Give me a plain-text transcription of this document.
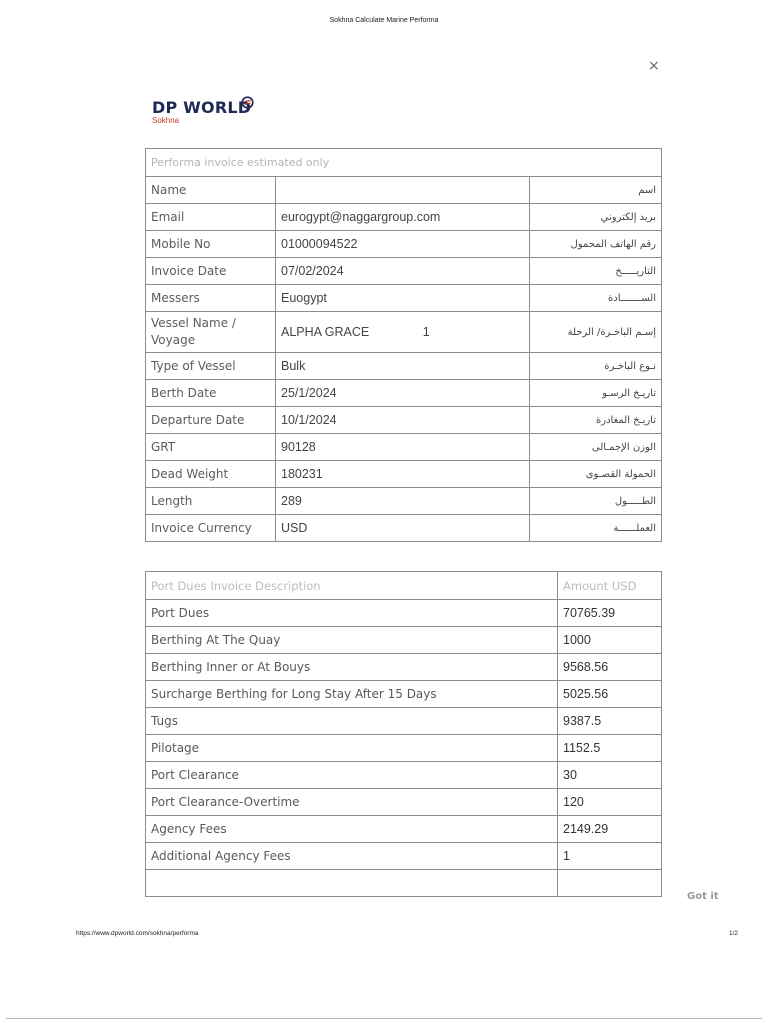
Sokhna Calculate Marine Performa
×
DP WORLD
Sokhna
Performa invoice estimated only		
Name		اسم
Email	eurogypt@naggargroup.com	بريد إلكتروني
Mobile No	01000094522	رقم الهاتف المحمول
Invoice Date	07/02/2024	التاريـــــخ
Messers	Euogypt	الســـــــادة
Vessel Name / Voyage	ALPHA GRACE 1	إسـم الباخـرة/ الرحلة
Type of Vessel	Bulk	نـوع الباخـرة
Berth Date	25/1/2024	تاريـخ الرسـو
Departure Date	10/1/2024	تاريـخ المغادرة
GRT	90128	الوزن الإجمـالى
Dead Weight	180231	الحمولة القصـوى
Length	289	الطـــــول
Invoice Currency	USD	العملــــــة
Port Dues Invoice Description	Amount USD
Port Dues	70765.39
Berthing At The Quay	1000
Berthing Inner or At Bouys	9568.56
Surcharge Berthing for Long Stay After 15 Days	5025.56
Tugs	9387.5
Pilotage	1152.5
Port Clearance	30
Port Clearance-Overtime	120
Agency Fees	2149.29
Additional Agency Fees	1

Got it
https://www.dpworld.com/sokhna/performa	1/2
